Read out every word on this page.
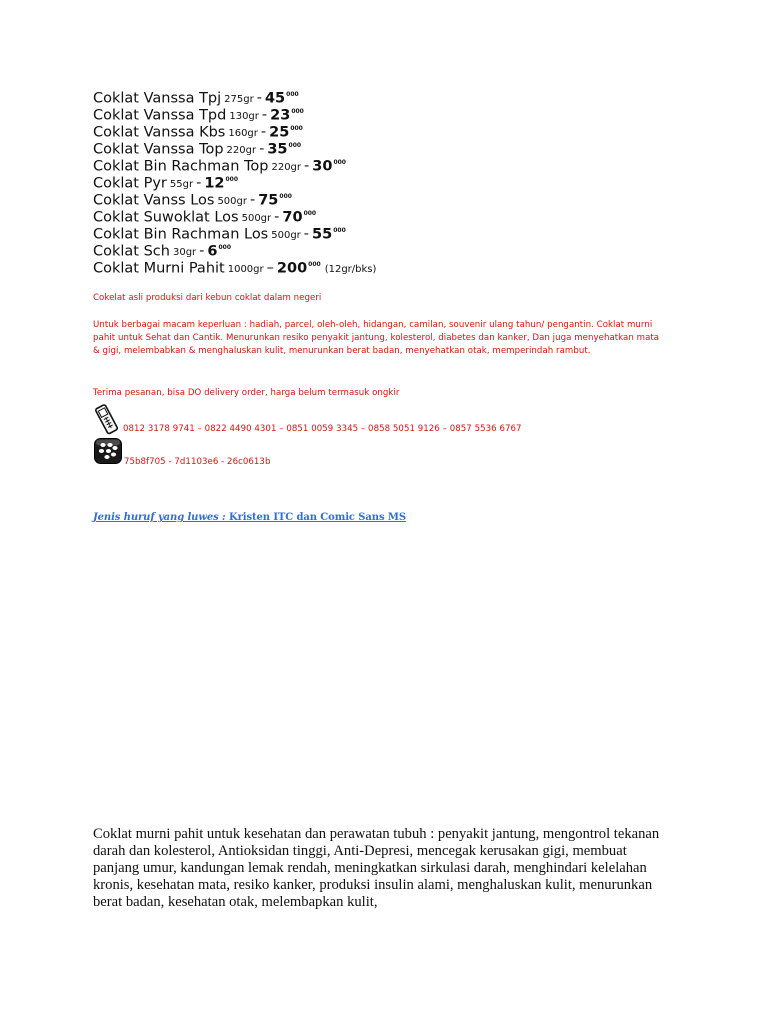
Coklat Vanssa Tpj $275gr - 45^{000}$
Coklat Vanssa Tpd $130gr - 23^{000}$
Coklat Vanssa Kbs $160gr - 25^{000}$
Coklat Vanssa Top $220gr - 35^{000}$
Coklat Bin Rachman Top $220gr - 30^{000}$
Coklat Pyr $55gr - 12^{000}$
Coklat Vanss Los $500gr - 75^{000}$
Coklat Suwoklat Los $500gr - 70^{000}$
Coklat Bin Rachman Los $500gr - 55^{000}$
Coklat Sch $30gr - 6^{000}$
Coklat Murni Pahit $1000gr - 200^{000}$ (12gr/bks)
Cokelat asli produksi dari kebun coklat dalam negeri
Untuk berbagai macam keperluan : hadiah, parcel, oleh-oleh, hidangan, camilan, souvenir ulang tahun/ pengantin. Coklat murni pahit untuk Sehat dan Cantik. Menurunkan resiko penyakit jantung, kolesterol, diabetes dan kanker, Dan juga menyehatkan mata & gigi, melembabkan & menghaluskan kulit, menurunkan berat badan, menyehatkan otak, memperindah rambut.
Terima pesanan, bisa DO delivery order, harga belum termasuk ongkir
0812 3178 9741 – 0822 4490 4301 – 0851 0059 3345 – 0858 5051 9126 – 0857 5536 6767
75b8f705 - 7d1103e6 - 26c0613b
Jenis huruf yang luwes : Kristen ITC dan Comic Sans MS
Coklat murni pahit untuk kesehatan dan perawatan tubuh : penyakit jantung, mengontrol tekanan darah dan kolesterol, Antioksidan tinggi, Anti-Depresi, mencegak kerusakan gigi, membuat panjang umur, kandungan lemak rendah, meningkatkan sirkulasi darah, menghindari kelelahan kronis, kesehatan mata, resiko kanker, produksi insulin alami, menghaluskan kulit, menurunkan berat badan, kesehatan otak, melembapkan kulit,
